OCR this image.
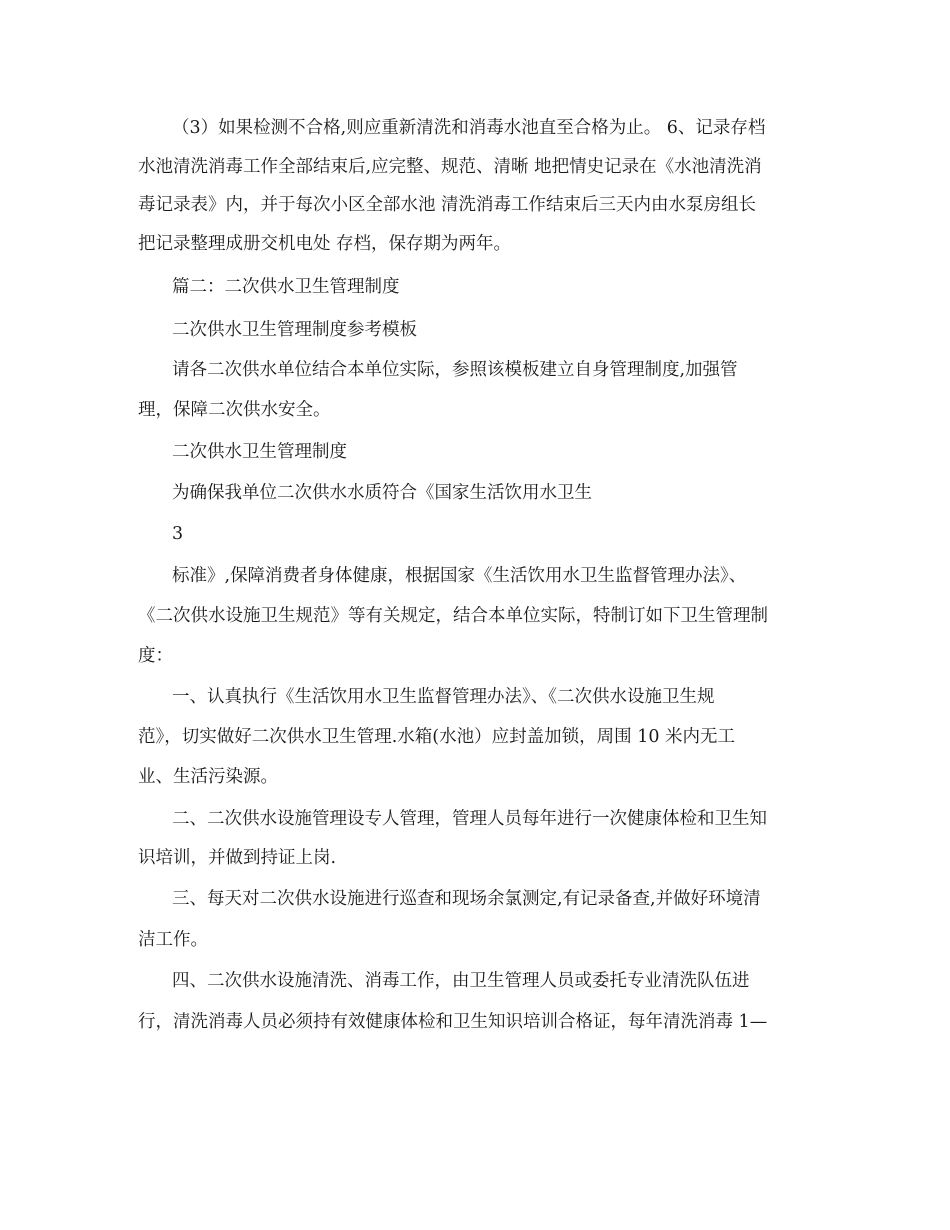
（3）如果检测不合格,则应重新清洗和消毒水池直至合格为止。 6、记录存档
水池清洗消毒工作全部结束后,应完整、规范、清晰 地把情史记录在《水池清洗消
毒记录表》内，并于每次小区全部水池 清洗消毒工作结束后三天内由水泵房组长
把记录整理成册交机电处 存档，保存期为两年。
篇二：二次供水卫生管理制度
二次供水卫生管理制度参考模板
请各二次供水单位结合本单位实际，参照该模板建立自身管理制度,加强管
理，保障二次供水安全。
二次供水卫生管理制度
为确保我单位二次供水水质符合《国家生活饮用水卫生
3
标准》,保障消费者身体健康，根据国家《生活饮用水卫生监督管理办法》、
《二次供水设施卫生规范》等有关规定，结合本单位实际，特制订如下卫生管理制
度：
一、认真执行《生活饮用水卫生监督管理办法》、《二次供水设施卫生规
范》，切实做好二次供水卫生管理.水箱(水池）应封盖加锁，周围 10 米内无工
业、生活污染源。
二、二次供水设施管理设专人管理，管理人员每年进行一次健康体检和卫生知
识培训，并做到持证上岗.
三、每天对二次供水设施进行巡查和现场余氯测定,有记录备查,并做好环境清
洁工作。
四、二次供水设施清洗、消毒工作，由卫生管理人员或委托专业清洗队伍进
行，清洗消毒人员必须持有效健康体检和卫生知识培训合格证，每年清洗消毒 1—
